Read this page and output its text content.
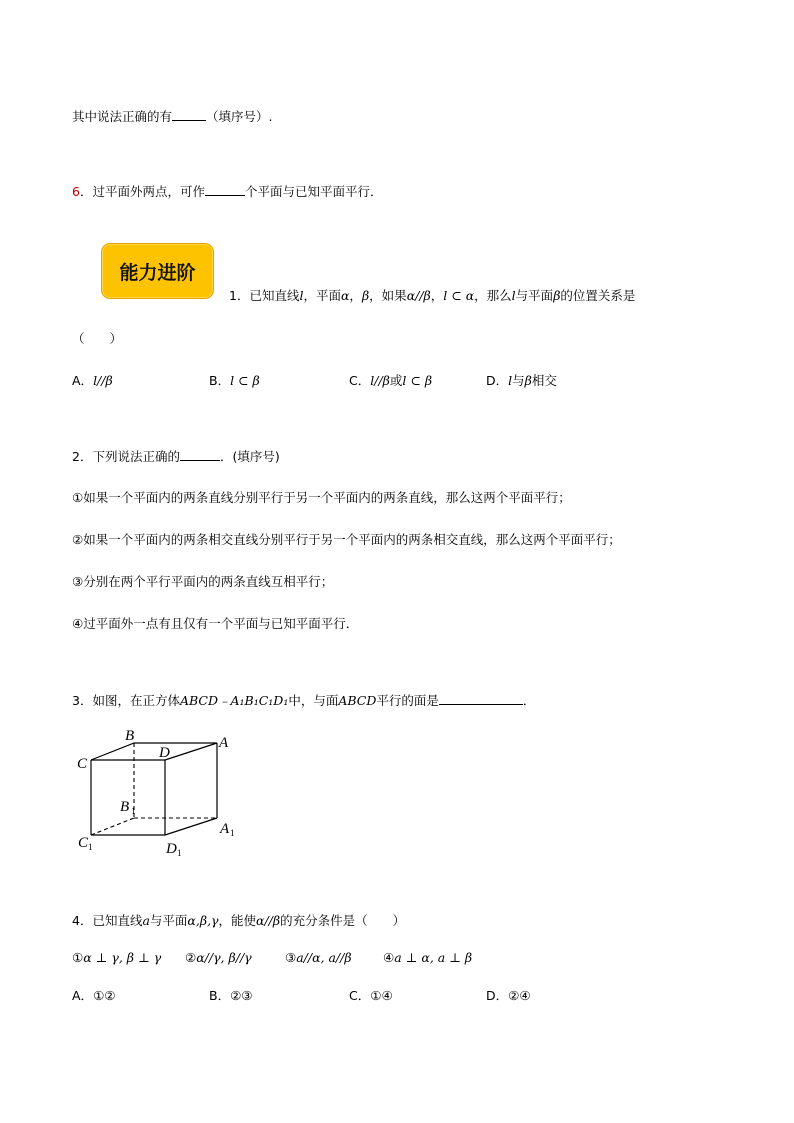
其中说法正确的有	（填序号）.
6．过平面外两点，可作	个平面与已知平面平行．
能力进阶
1．已知直线l，平面α，β，如果α//β，l ⊂ α，那么l与平面β的位置关系是
（　　）
A．l//β	B．l ⊂ β	C．l//β或l ⊂ β	D．l与β相交
2．下列说法正确的	．(填序号)
①如果一个平面内的两条直线分别平行于另一个平面内的两条直线，那么这两个平面平行；
②如果一个平面内的两条相交直线分别平行于另一个平面内的两条相交直线，那么这两个平面平行；
③分别在两个平行平面内的两条直线互相平行；
④过平面外一点有且仅有一个平面与已知平面平行．
3．如图，在正方体ABCD﹣A₁B₁C₁D₁中，与面ABCD平行的面是	．
B
D
A
C
B
A
C	D
1
1
1
1
4．已知直线a与平面α,β,γ，能使α//β的充分条件是（　　）
①α ⊥ γ, β ⊥ γ ②α//γ, β//γ	③a//α, a//β	④a ⊥ α, a ⊥ β
A．①②	B．②③	C．①④	D．②④
